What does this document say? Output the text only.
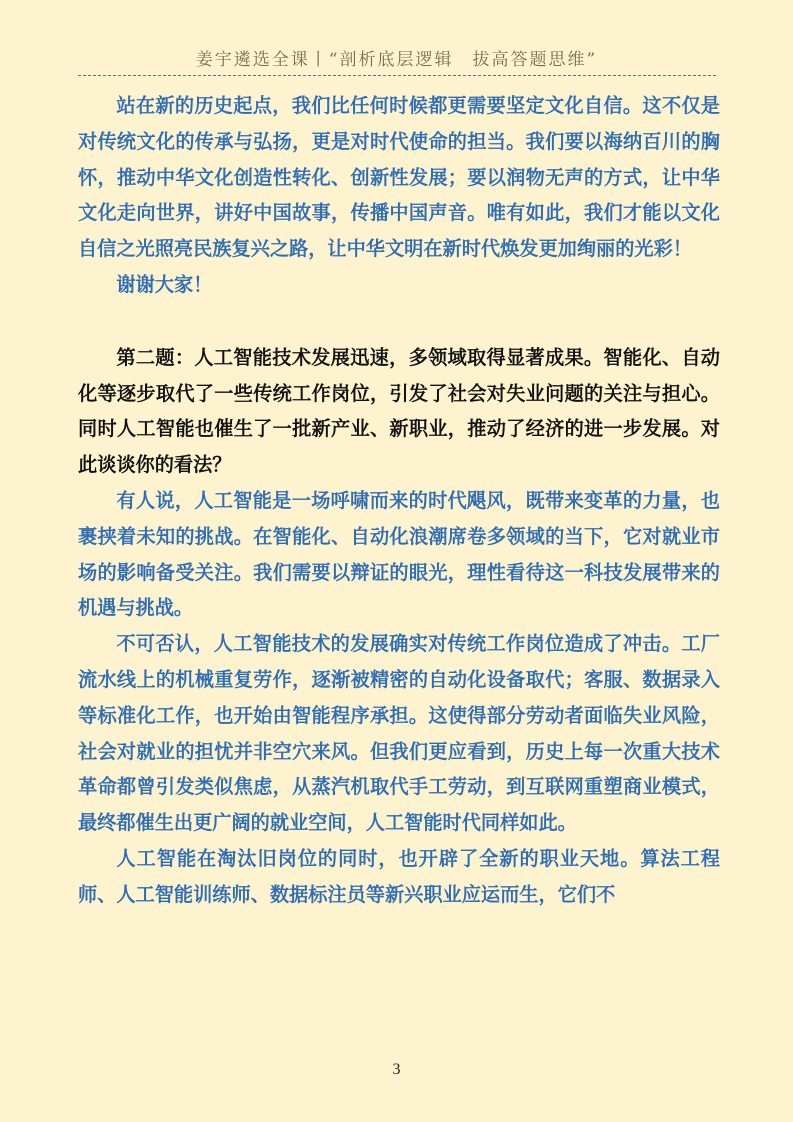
姜宇遴选全课丨“剖析底层逻辑　拔高答题思维”

站在新的历史起点，我们比任何时候都更需要坚定文化自信。这不仅是对传统文化的传承与弘扬，更是对时代使命的担当。我们要以海纳百川的胸怀，推动中华文化创造性转化、创新性发展；要以润物无声的方式，让中华文化走向世界，讲好中国故事，传播中国声音。唯有如此，我们才能以文化自信之光照亮民族复兴之路，让中华文明在新时代焕发更加绚丽的光彩！

谢谢大家！

第二题：人工智能技术发展迅速，多领域取得显著成果。智能化、自动化等逐步取代了一些传统工作岗位，引发了社会对失业问题的关注与担心。同时人工智能也催生了一批新产业、新职业，推动了经济的进一步发展。对此谈谈你的看法？

有人说，人工智能是一场呼啸而来的时代飓风，既带来变革的力量，也裹挟着未知的挑战。在智能化、自动化浪潮席卷多领域的当下，它对就业市场的影响备受关注。我们需要以辩证的眼光，理性看待这一科技发展带来的机遇与挑战。

不可否认，人工智能技术的发展确实对传统工作岗位造成了冲击。工厂流水线上的机械重复劳作，逐渐被精密的自动化设备取代；客服、数据录入等标准化工作，也开始由智能程序承担。这使得部分劳动者面临失业风险，社会对就业的担忧并非空穴来风。但我们更应看到，历史上每一次重大技术革命都曾引发类似焦虑，从蒸汽机取代手工劳动，到互联网重塑商业模式，最终都催生出更广阔的就业空间，人工智能时代同样如此。

人工智能在淘汰旧岗位的同时，也开辟了全新的职业天地。算法工程师、人工智能训练师、数据标注员等新兴职业应运而生，它们不

3
